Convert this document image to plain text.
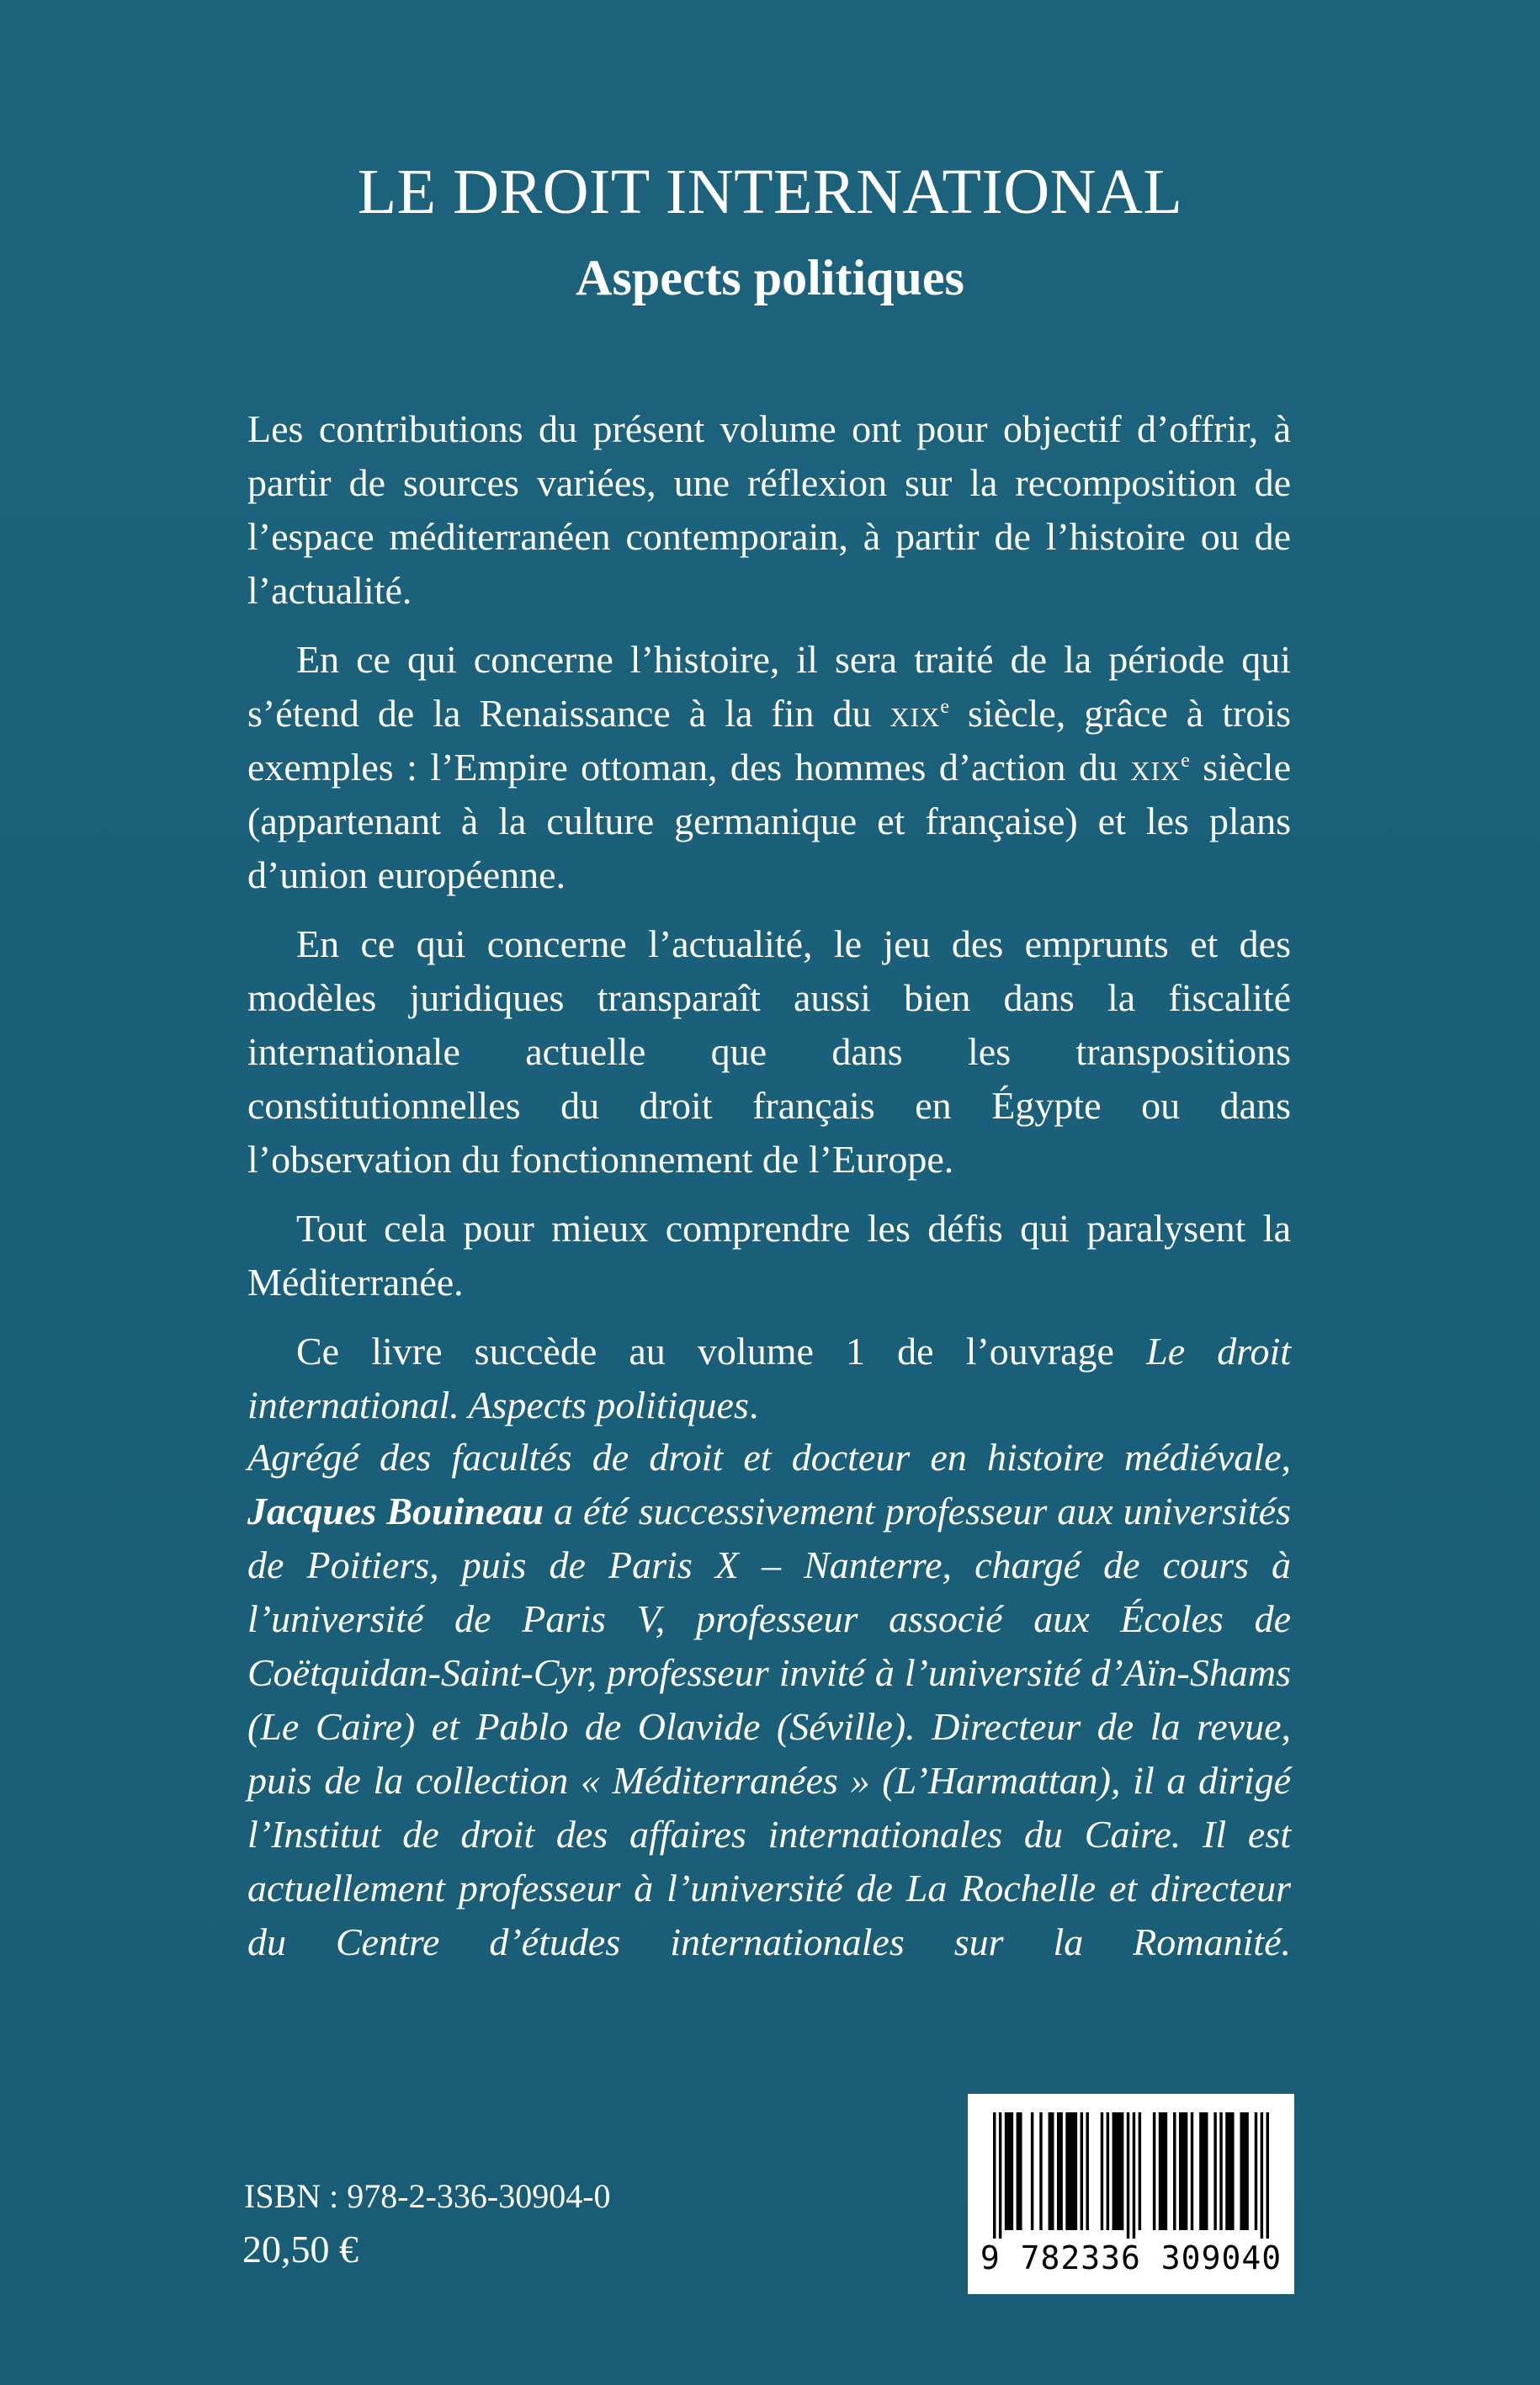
LE DROIT INTERNATIONAL
Aspects politiques

Les contributions du présent volume ont pour objectif d’offrir, à partir de sources variées, une réflexion sur la recomposition de l’espace méditerranéen contemporain, à partir de l’histoire ou de l’actualité.

En ce qui concerne l’histoire, il sera traité de la période qui s’étend de la Renaissance à la fin du xix$^e$ siècle, grâce à trois exemples : l’Empire ottoman, des hommes d’action du xix$^e$ siècle (appartenant à la culture germanique et française) et les plans d’union européenne.

En ce qui concerne l’actualité, le jeu des emprunts et des modèles juridiques transparaît aussi bien dans la fiscalité internationale actuelle que dans les transpositions constitutionnelles du droit français en Égypte ou dans l’observation du fonctionnement de l’Europe.

Tout cela pour mieux comprendre les défis qui paralysent la Méditerranée.

Ce livre succède au volume 1 de l’ouvrage Le droit international. Aspects politiques.

Agrégé des facultés de droit et docteur en histoire médiévale, Jacques Bouineau a été successivement professeur aux universités de Poitiers, puis de Paris X – Nanterre, chargé de cours à l’université de Paris V, professeur associé aux Écoles de Coëtquidan-Saint-Cyr, professeur invité à l’université d’Aïn-Shams (Le Caire) et Pablo de Olavide (Séville). Directeur de la revue, puis de la collection « Méditerranées » (L’Harmattan), il a dirigé l’Institut de droit des affaires internationales du Caire. Il est actuellement professeur à l’université de La Rochelle et directeur du Centre d’études internationales sur la Romanité.

ISBN : 978-2-336-30904-0

20,50 €	9 782336 309040
